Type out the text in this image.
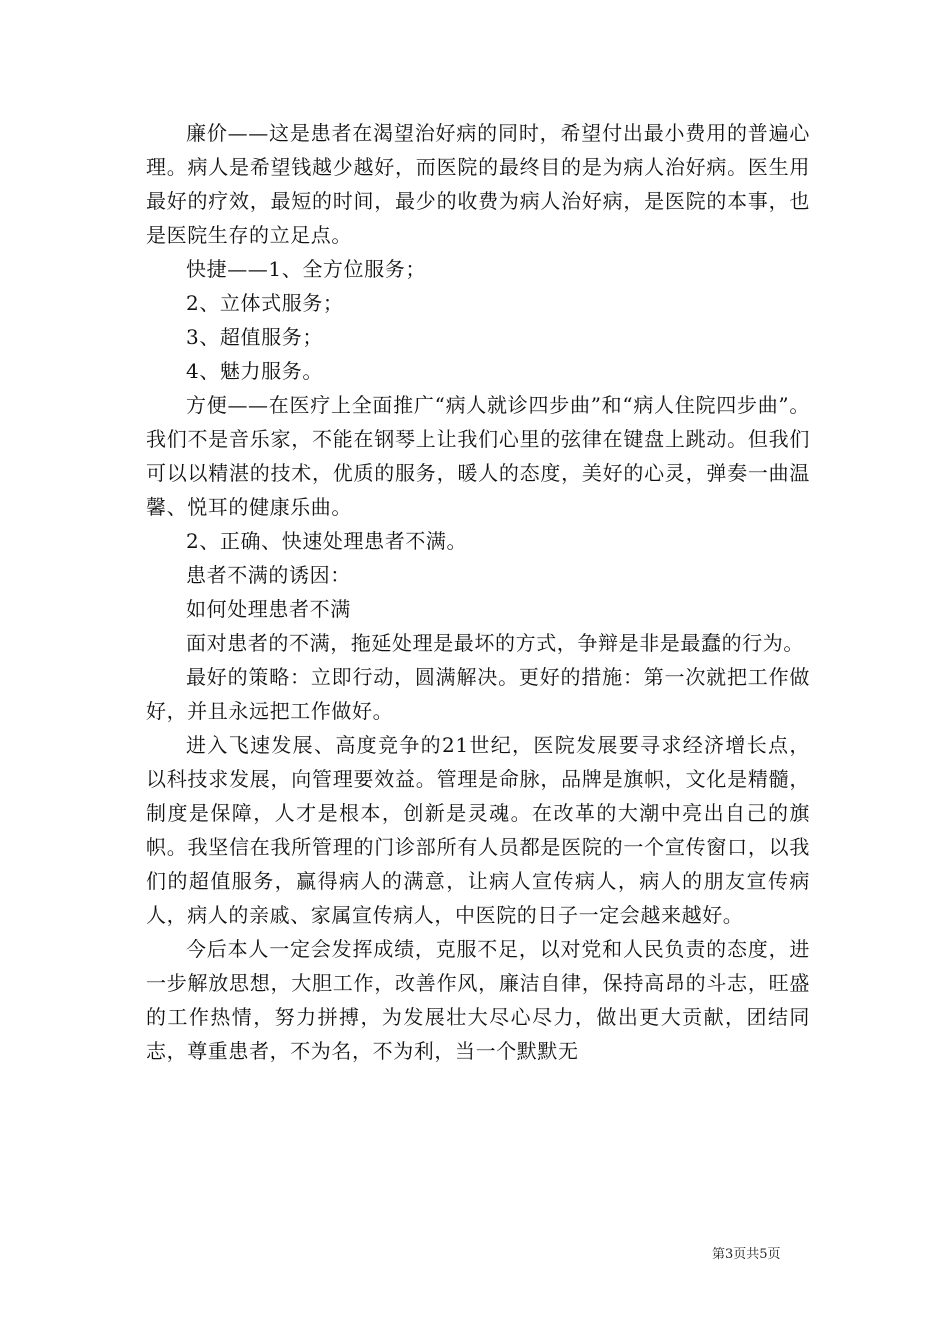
廉价——这是患者在渴望治好病的同时，希望付出最小费用的普遍心理。病人是希望钱越少越好，而医院的最终目的是为病人治好病。医生用最好的疗效，最短的时间，最少的收费为病人治好病，是医院的本事，也是医院生存的立足点。

快捷——1、全方位服务；

2、立体式服务；

3、超值服务；

4、魅力服务。

方便——在医疗上全面推广“病人就诊四步曲”和“病人住院四步曲”。我们不是音乐家，不能在钢琴上让我们心里的弦律在键盘上跳动。但我们可以以精湛的技术，优质的服务，暖人的态度，美好的心灵，弹奏一曲温馨、悦耳的健康乐曲。

2、正确、快速处理患者不满。

患者不满的诱因：

如何处理患者不满

面对患者的不满，拖延处理是最坏的方式，争辩是非是最蠢的行为。

最好的策略：立即行动，圆满解决。更好的措施：第一次就把工作做好，并且永远把工作做好。

进入飞速发展、高度竞争的21世纪，医院发展要寻求经济增长点，以科技求发展，向管理要效益。管理是命脉，品牌是旗帜，文化是精髓，制度是保障，人才是根本，创新是灵魂。在改革的大潮中亮出自己的旗帜。我坚信在我所管理的门诊部所有人员都是医院的一个宣传窗口，以我们的超值服务，赢得病人的满意，让病人宣传病人，病人的朋友宣传病人，病人的亲戚、家属宣传病人，中医院的日子一定会越来越好。

今后本人一定会发挥成绩，克服不足，以对党和人民负责的态度，进一步解放思想，大胆工作，改善作风，廉洁自律，保持高昂的斗志，旺盛的工作热情，努力拼搏，为发展壮大尽心尽力，做出更大贡献，团结同志，尊重患者，不为名，不为利，当一个默默无

第3页共5页
